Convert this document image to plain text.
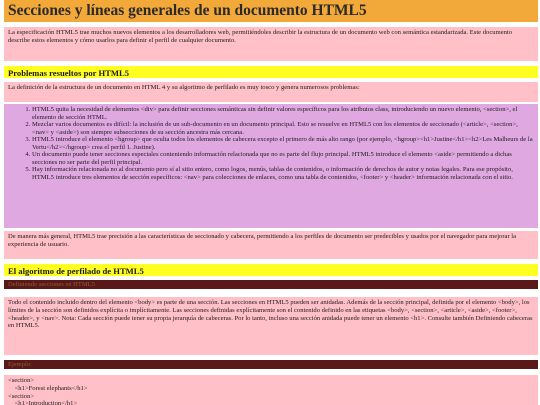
Secciones y líneas generales de un documento HTML5
La especificación HTML5 trae muchos nuevos elementos a los desarrolladores web, permitiéndoles describir la estructura de un documento web con semántica estandarizada. Este documento describe estos elementos y cómo usarlos para definir el perfil de cualquier documento.
Problemas resueltos por HTML5
La definición de la estructura de un documento en HTML 4 y su algoritmo de perfilado es muy tosco y genera numerosos problemas:
1. HTML5 quita la necesidad de elementos <div> para definir secciones semánticas sin definir valores específicos para los atributos class, introduciendo un nuevo elemento, <section>, el elemento de sección HTML.
2. Mezclar varios documentos es difícil: la inclusión de un sub-documento en un documento principal. Esto se resuelve en HTML5 con los elementos de seccionado (<article>, <section>, <nav> y <aside>) son siempre subsecciones de su sección ancestra más cercana.
3. HTML5 introduce el elemento <hgroup> que oculta todos los elementos de cabecera excepto el primero de más alto rango (por ejemplo, <hgroup><h1>Justine</h1><h2>Les Malheurs de la Vertu</h2></hgroup> crea el perfil 1. Justine).
4. Un documento puede tener secciones especiales conteniendo información relacionada que no es parte del flujo principal. HTML5 introduce el elemento <aside> permitiendo a dichas secciones no ser parte del perfil principal.
5. Hay información relacionada no al documento pero sí al sitio entero, como logos, menús, tablas de contenidos, o información de derechos de autor y notas legales. Para ese propósito, HTML5 introduce tres elementos de sección específicos: <nav> para colecciones de enlaces, como una tabla de contenidos, <footer> y <header> información relacionada con el sitio.
De manera más general, HTML5 trae precisión a las características de seccionado y cabecera, permitiendo a los perfiles de documento ser predecibles y usados por el navegador para mejorar la experiencia de usuario.
El algoritmo de perfilado de HTML5
Definiendo secciones en HTML5
Todo el contenido incluido dentro del elemento <body> es parte de una sección. Las secciones en HTML5 pueden ser anidadas. Además de la sección principal, definida por el elemento <body>, los límites de la sección son definidos explícita o implícitamente. Las secciones definidas explícitamente son el contenido definido en las etiquetas <body>, <section>, <article>, <aside>, <footer>, <header>, y <nav>. Nota: Cada sección puede tener su propia jerarquía de cabeceras. Por lo tanto, incluso una sección anidada puede tener un elemento <h1>. Consulte también Definiendo cabeceras en HTML5.
Ejemplo:
<section>
<h1>Forest elephants</h1>
<section>
<h1>Introduction</h1>
